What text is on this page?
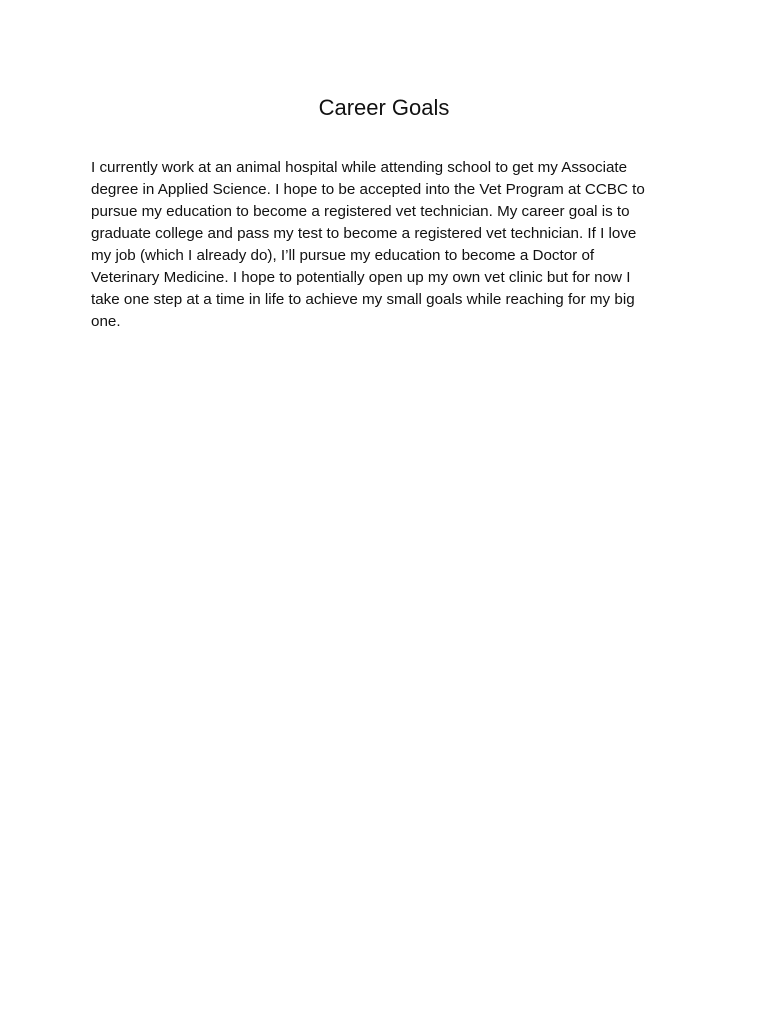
Career Goals

I currently work at an animal hospital while attending school to get my Associate
degree in Applied Science. I hope to be accepted into the Vet Program at CCBC to
pursue my education to become a registered vet technician. My career goal is to
graduate college and pass my test to become a registered vet technician. If I love
my job (which I already do), I’ll pursue my education to become a Doctor of
Veterinary Medicine. I hope to potentially open up my own vet clinic but for now I
take one step at a time in life to achieve my small goals while reaching for my big
one.
